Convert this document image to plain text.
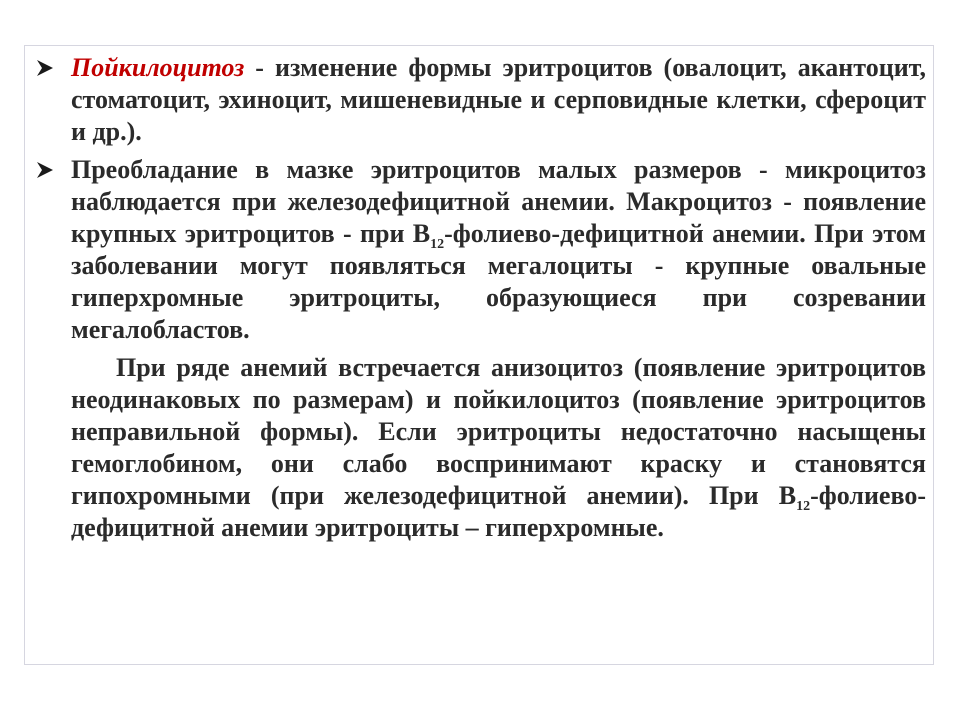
Пойкилоцитоз - изменение формы эритроцитов (овалоцит, акантоцит, стоматоцит, эхиноцит, мишеневидные и серповидные клетки, сфероцит и др.).
Преобладание в мазке эритроцитов малых размеров - микроцитоз наблюдается при железодефицитной анемии. Макроцитоз - появление крупных эритроцитов - при $B_{12}-фолиево$-дефицитной анемии. При этом заболевании могут появляться мегалоциты - крупные овальные гиперхромные эритроциты, образующиеся при созревании мегалобластов.
При ряде анемий встречается анизоцитоз (появление эритроцитов неодинаковых по размерам) и пойкилоцитоз (появление эритроцитов неправильной формы). Если эритроциты недостаточно насыщены гемоглобином, они слабо воспринимают краску и становятся гипохромными (при железодефицитной анемии). При $B_{12}-фолиево$-дефицитной анемии эритроциты – гиперхромные.
